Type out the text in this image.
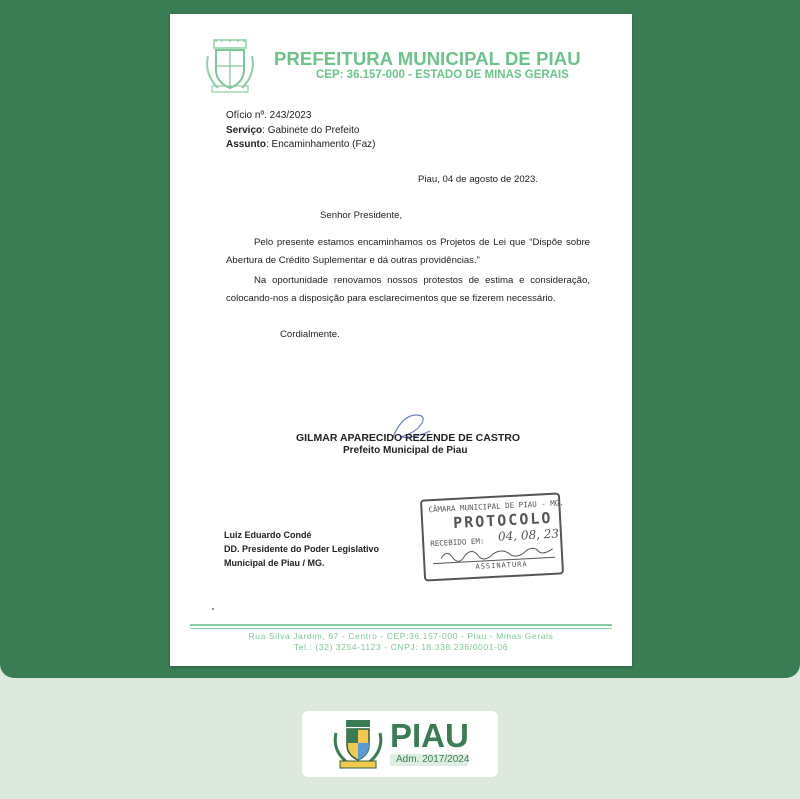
PREFEITURA MUNICIPAL DE PIAU
CEP: 36.157-000 - ESTADO DE MINAS GERAIS
Ofício nº. 243/2023
Serviço: Gabinete do Prefeito
Assunto: Encaminhamento (Faz)
Piau, 04 de agosto de 2023.
Senhor Presidente,
Pelo presente estamos encaminhamos os Projetos de Lei que “Dispõe sobre Abertura de Crédito Suplementar e dá outras providências.”
Na oportunidade renovamos nossos protestos de estima e consideração, colocando-nos a disposição para esclarecimentos que se fizerem necessário.
Cordialmente.
GILMAR APARECIDO REZENDE DE CASTRO
Prefeito Municipal de Piau
Luiz Eduardo Condé
DD. Presidente do Poder Legislativo
Municipal de Piau / MG.
CÂMARA MUNICIPAL DE PIAU - MG.
PROTOCOLO
RECEBIDO EM: 04, 08, 23
ASSINATURA
Rua Silva Jardim, 67 - Centro - CEP:36.157-000 - Piau - Minas Gerais
Tel.: (32) 3254-1123 - CNPJ: 18.338.236/0001-06
PIAU
Adm. 2017/2024
